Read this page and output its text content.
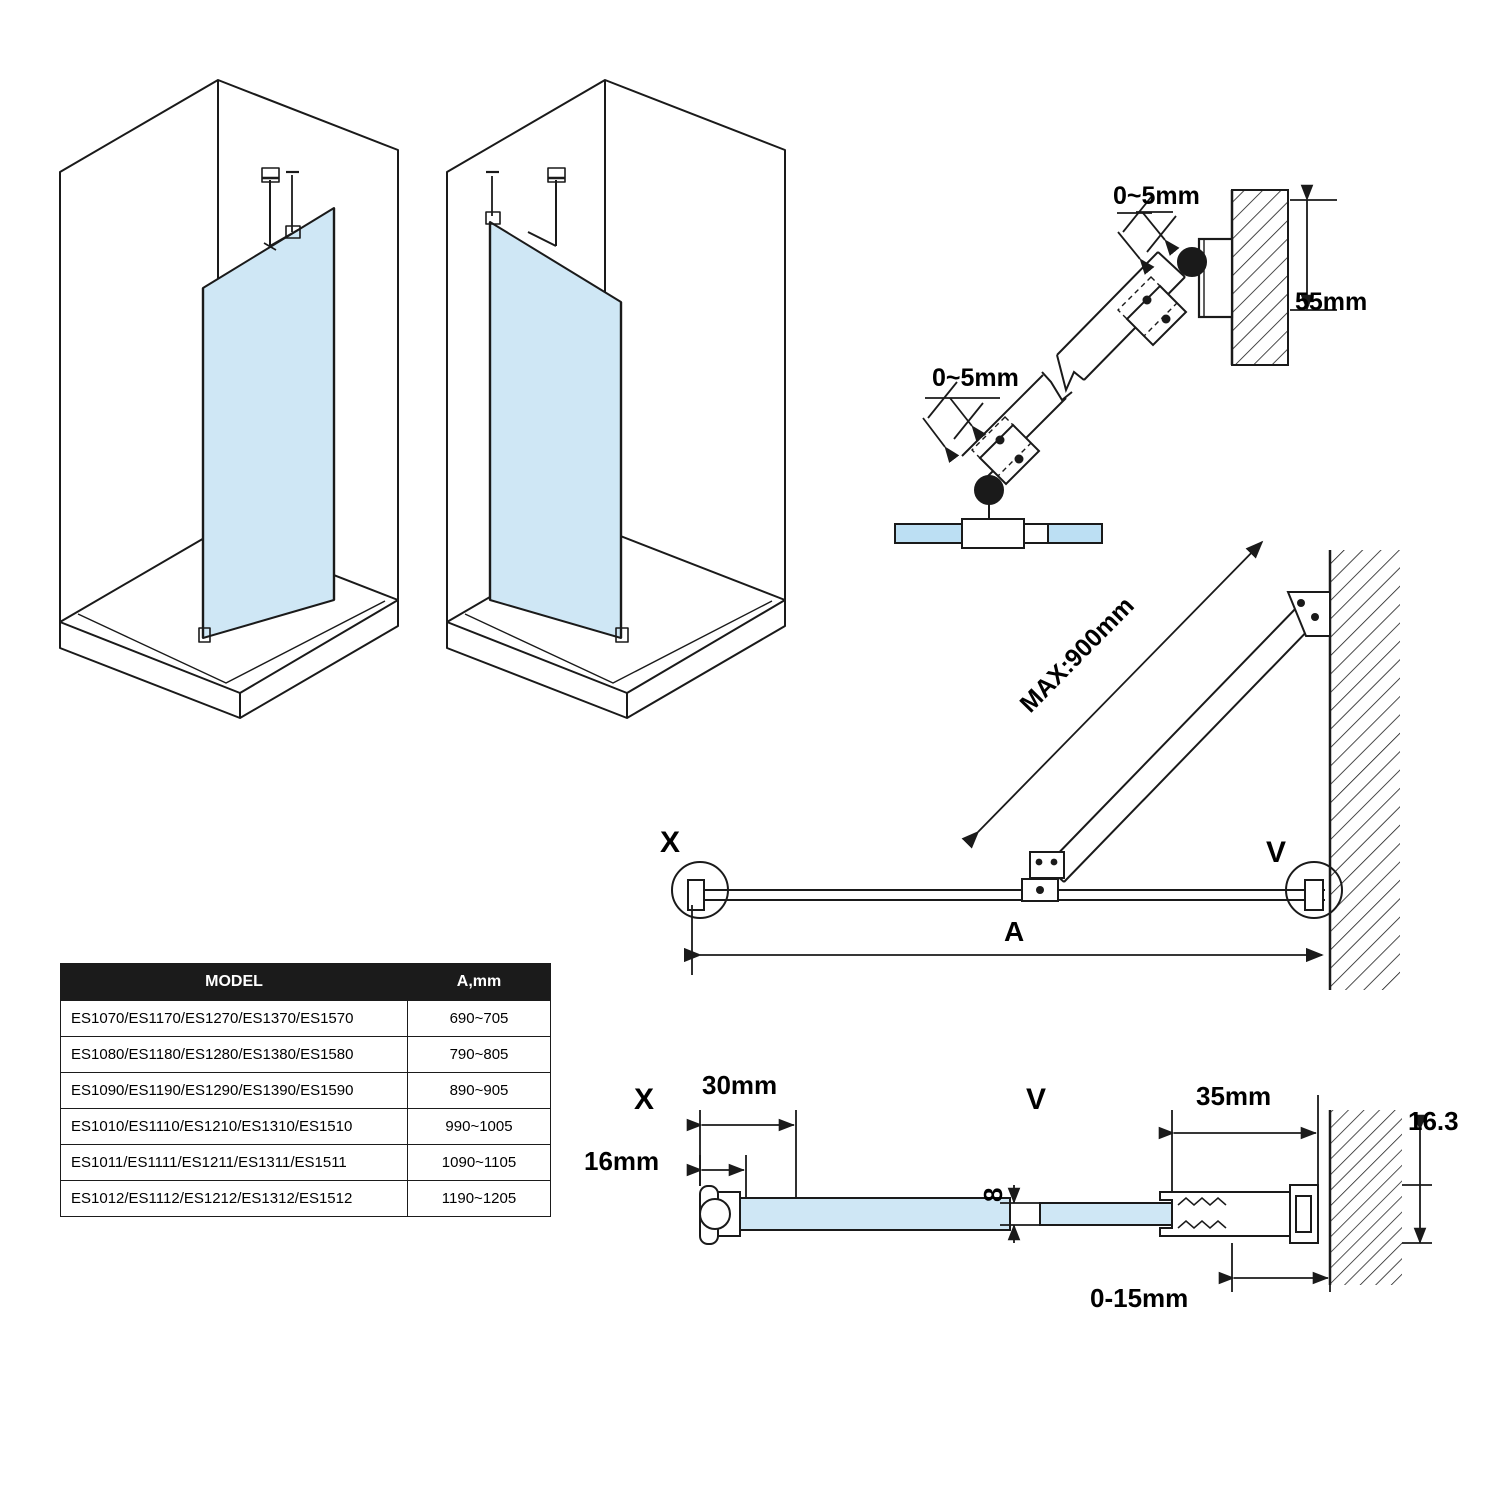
0~5mm
55mm
0~5mm
MAX:900mm
X	V
A
X 30mm
16mm
V	35mm
16.3
8
0-15mm
MODEL	A,mm
ES1070/ES1170/ES1270/ES1370/ES1570	690~705
ES1080/ES1180/ES1280/ES1380/ES1580	790~805
ES1090/ES1190/ES1290/ES1390/ES1590	890~905
ES1010/ES1110/ES1210/ES1310/ES1510	990~1005
ES1011/ES1111/ES1211/ES1311/ES1511	1090~1105
ES1012/ES1112/ES1212/ES1312/ES1512	1190~1205
